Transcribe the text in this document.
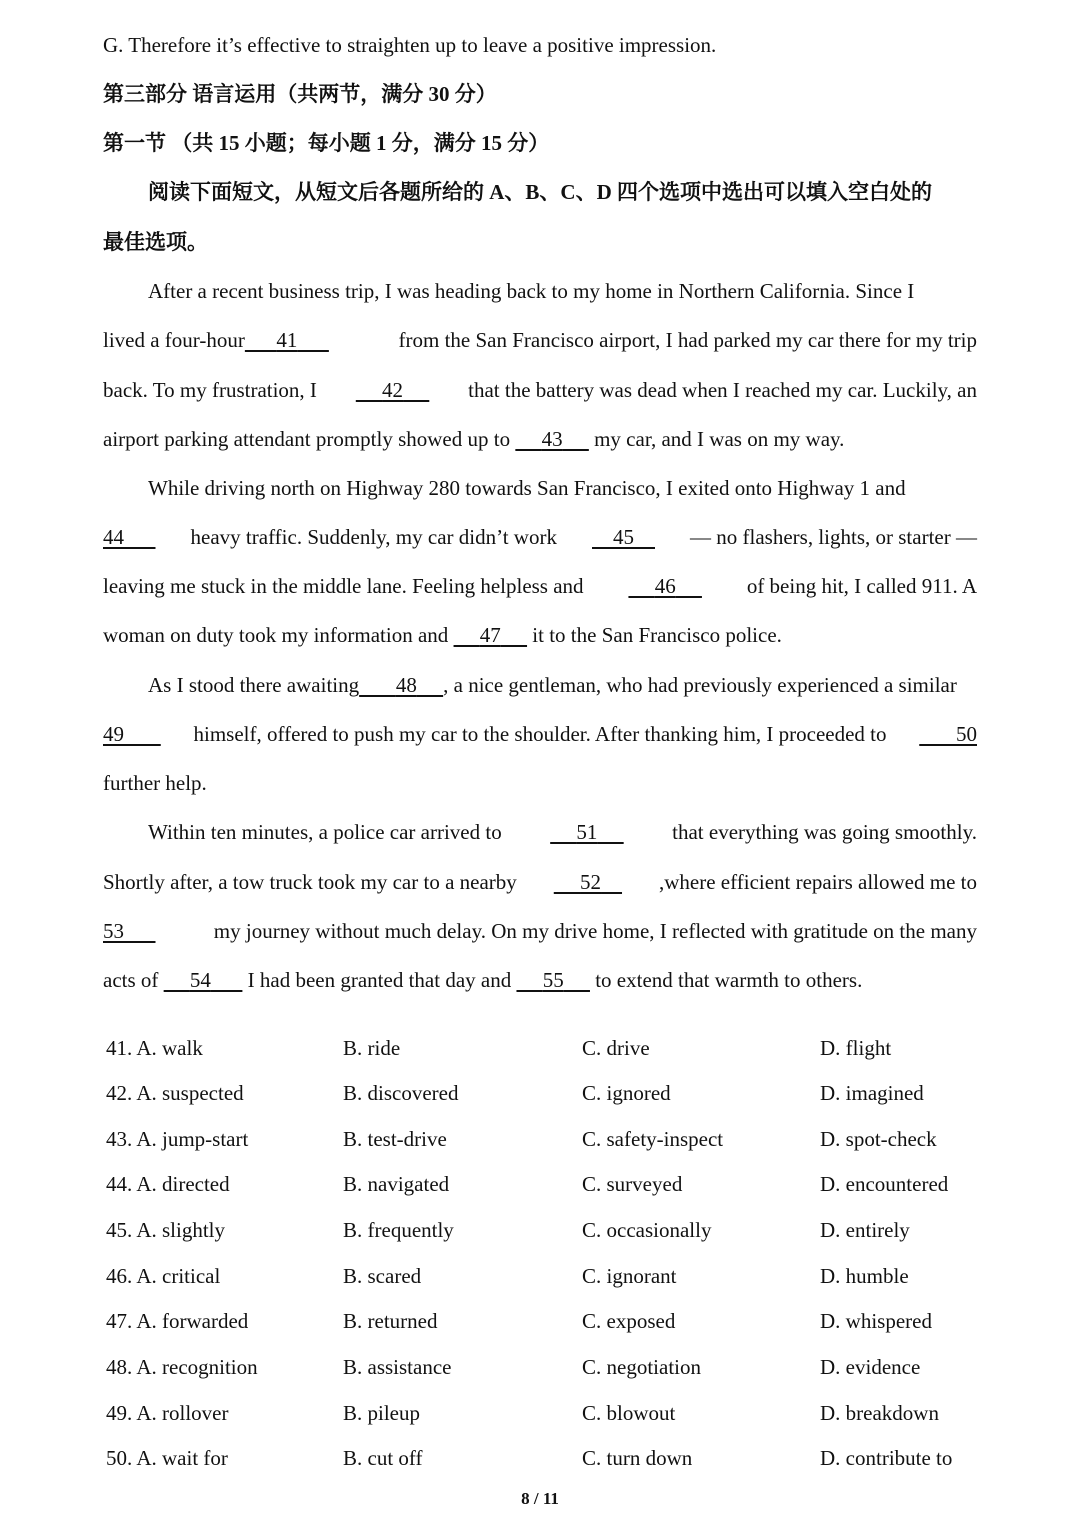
G. Therefore it’s effective to straighten up to leave a positive impression.
第三部分 语言运用（共两节，满分 30 分）
第一节 （共 15 小题；每小题 1 分，满分 15 分）
阅读下面短文，从短文后各题所给的 A、B、C、D 四个选项中选出可以填入空白处的
最佳选项。
After a recent business trip, I was heading back to my home in Northern California. Since I
lived a four-hour 41	from the San Francisco airport, I had parked my car there for my trip
back. To my frustration, I	42	that the battery was dead when I reached my car. Luckily, an
airport parking attendant promptly showed up to 43 my car, and I was on my way.
While driving north on Highway 280 towards San Francisco, I exited onto Highway 1 and
44	heavy traffic. Suddenly, my car didn’t work	45	— no flashers, lights, or starter —
leaving me stuck in the middle lane. Feeling helpless and	46	of being hit, I called 911. A
woman on duty took my information and 47 it to the San Francisco police.
As I stood there awaiting 48 , a nice gentleman, who had previously experienced a similar
49	himself, offered to push my car to the shoulder. After thanking him, I proceeded to	50
further help.
Within ten minutes, a police car arrived to	51	that everything was going smoothly.
Shortly after, a tow truck took my car to a nearby	52	,where efficient repairs allowed me to
53	my journey without much delay. On my drive home, I reflected with gratitude on the many
acts of 54 I had been granted that day and 55 to extend that warmth to others.
41. A. walk	B. ride	C. drive	D. flight
42. A. suspected	B. discovered	C. ignored	D. imagined
43. A. jump-start	B. test-drive	C. safety-inspect	D. spot-check
44. A. directed	B. navigated	C. surveyed	D. encountered
45. A. slightly	B. frequently	C. occasionally	D. entirely
46. A. critical	B. scared	C. ignorant	D. humble
47. A. forwarded	B. returned	C. exposed	D. whispered
48. A. recognition	B. assistance	C. negotiation	D. evidence
49. A. rollover	B. pileup	C. blowout	D. breakdown
50. A. wait for	B. cut off	C. turn down	D. contribute to
8 / 11
